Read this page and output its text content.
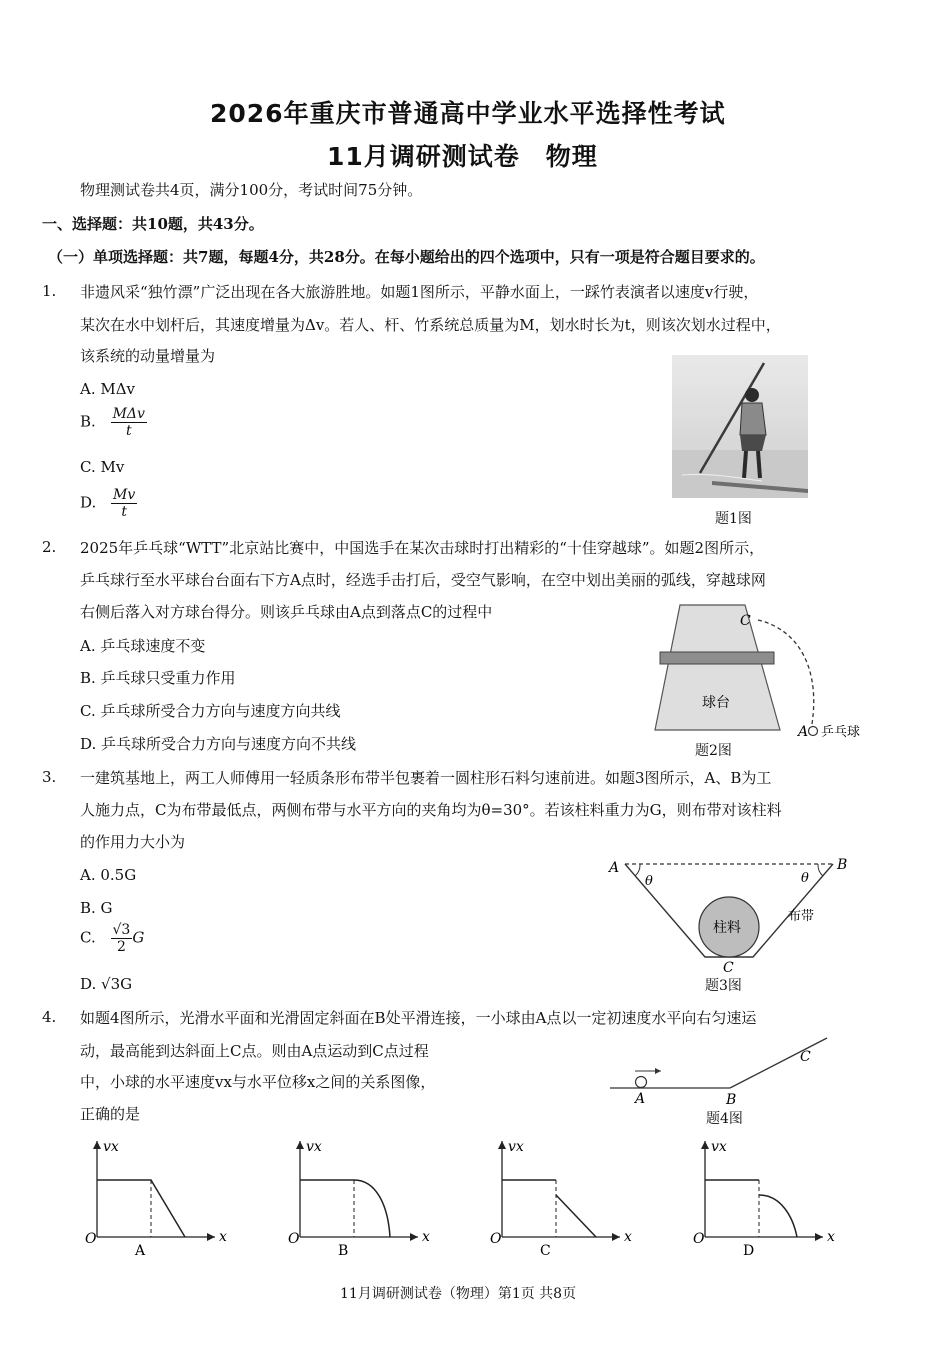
2026年重庆市普通高中学业水平选择性考试
11月调研测试卷　物理
物理测试卷共4页，满分100分，考试时间75分钟。
一、选择题：共10题，共43分。
（一）单项选择题：共7题，每题4分，共28分。在每小题给出的四个选项中，只有一项是符合题目要求的。
1. 非遗风采“独竹漂”广泛出现在各大旅游胜地。如题1图所示，平静水面上，一踩竹表演者以速度v行驶，
某次在水中划杆后，其速度增量为Δv。若人、杆、竹系统总质量为M，划水时长为t，则该次划水过程中，
该系统的动量增量为
A. MΔv
B. $\frac{\text{MΔv}}{t}$
C. Mv
D. $\frac{Mv}{t}$	题1图
2. 2025年乒乓球“WTT”北京站比赛中，中国选手在某次击球时打出精彩的“十佳穿越球”。如题2图所示，
乒乓球行至水平球台台面右下方A点时，经选手击打后，受空气影响，在空中划出美丽的弧线，穿越球网
右侧后落入对方球台得分。则该乒乓球由A点到落点C的过程中
A. 乒乓球速度不变
B. 乒乓球只受重力作用
C. 乒乓球所受合力方向与速度方向共线
D. 乒乓球所受合力方向与速度方向不共线
C
球台
A 乒乓球
题2图
3. 一建筑基地上，两工人师傅用一轻质条形布带半包裹着一圆柱形石料匀速前进。如题3图所示，A、B为工
人施力点，C为布带最低点，两侧布带与水平方向的夹角均为θ=30°。若该柱料重力为G，则布带对该柱料
的作用力大小为
A. 0.5G
B. G
C. $\frac{√3}{2}$ G
D. √3G
A	B
θ	θ
柱料
布带
C
题3图
4. 如题4图所示，光滑水平面和光滑固定斜面在B处平滑连接，一小球由A点以一定初速度水平向右匀速运
动，最高能到达斜面上C点。则由A点运动到C点过程
中，小球的水平速度vx与水平位移x之间的关系图像，
正确的是
A	B
C
题4图
vx
x
O
A
vx
x
O
B
vx
x
O
C
vx
x
O
D
11月调研测试卷（物理）第1页 共8页
